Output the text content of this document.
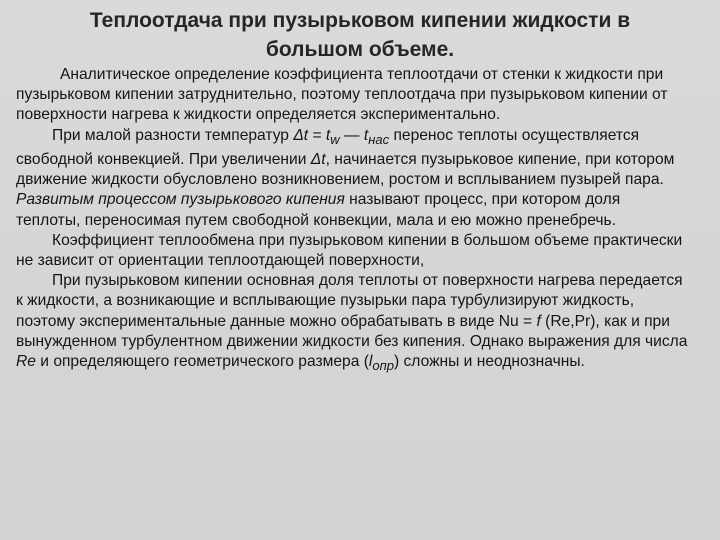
Теплоотдача при пузырьковом кипении жидкости в
большом объеме.

Аналитическое определение коэффициента теплоотдачи от стенки к жидкости при пузырьковом кипении затруднительно, поэтому теплоотдача при пузырьковом кипении от поверхности нагрева к жидкости определяется экспериментально.

При малой разности температур $\Delta t = t_w$ — $t_{нас}$ перенос теплоты осуществляется свободной конвекцией. При увеличении Δt, начинается пузырьковое кипение, при котором движение жидкости обусловлено возникновением, ростом и всплыванием пузырей пара. Развитым процессом пузырькового кипения называют процесс, при котором доля теплоты, переносимая путем свободной конвекции, мала и ею можно пренебречь.

Коэффициент теплообмена при пузырьковом кипении в большом объеме практически не зависит от ориентации теплоотдающей поверхности,

При пузырьковом кипении основная доля теплоты от поверхности нагрева передается к жидкости, а возникающие и всплывающие пузырьки пара турбулизируют жидкость, поэтому экспериментальные данные можно обрабатывать в виде Nu = f (Re,Pr), как и при вынужденном турбулентном движении жидкости без кипения. Однако выражения для числа Re и определяющего геометрического размера $(l_{опр})$ сложны и неоднозначны.
